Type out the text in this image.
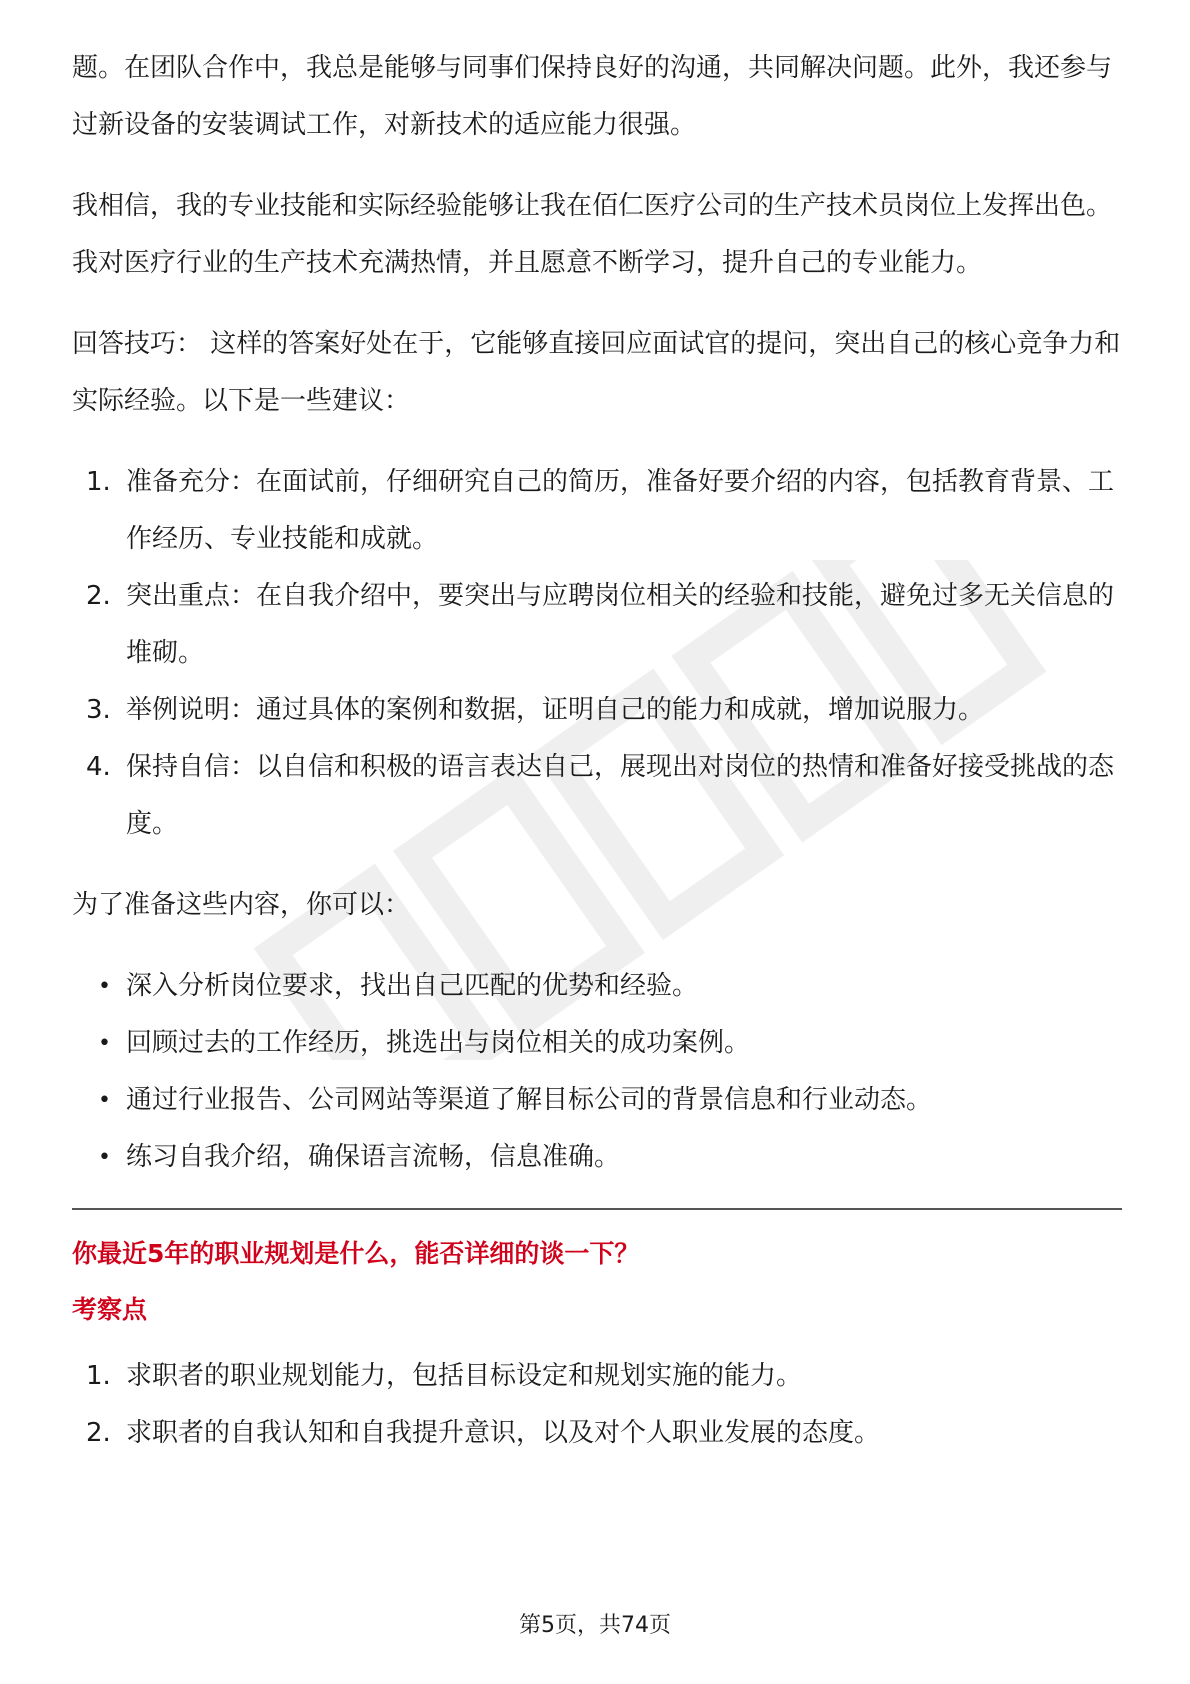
题。在团队合作中，我总是能够与同事们保持良好的沟通，共同解决问题。此外，我还参与过新设备的安装调试工作，对新技术的适应能力很强。

我相信，我的专业技能和实际经验能够让我在佰仁医疗公司的生产技术员岗位上发挥出色。我对医疗行业的生产技术充满热情，并且愿意不断学习，提升自己的专业能力。

回答技巧： 这样的答案好处在于，它能够直接回应面试官的提问，突出自己的核心竞争力和实际经验。以下是一些建议：

1. 准备充分：在面试前，仔细研究自己的简历，准备好要介绍的内容，包括教育背景、工作经历、专业技能和成就。
2. 突出重点：在自我介绍中，要突出与应聘岗位相关的经验和技能，避免过多无关信息的堆砌。
3. 举例说明：通过具体的案例和数据，证明自己的能力和成就，增加说服力。
4. 保持自信：以自信和积极的语言表达自己，展现出对岗位的热情和准备好接受挑战的态度。

为了准备这些内容，你可以：

• 深入分析岗位要求，找出自己匹配的优势和经验。
• 回顾过去的工作经历，挑选出与岗位相关的成功案例。
• 通过行业报告、公司网站等渠道了解目标公司的背景信息和行业动态。
• 练习自我介绍，确保语言流畅，信息准确。
你最近5年的职业规划是什么，能否详细的谈一下？
考察点
1. 求职者的职业规划能力，包括目标设定和规划实施的能力。
2. 求职者的自我认知和自我提升意识，以及对个人职业发展的态度。
第5页，共74页
